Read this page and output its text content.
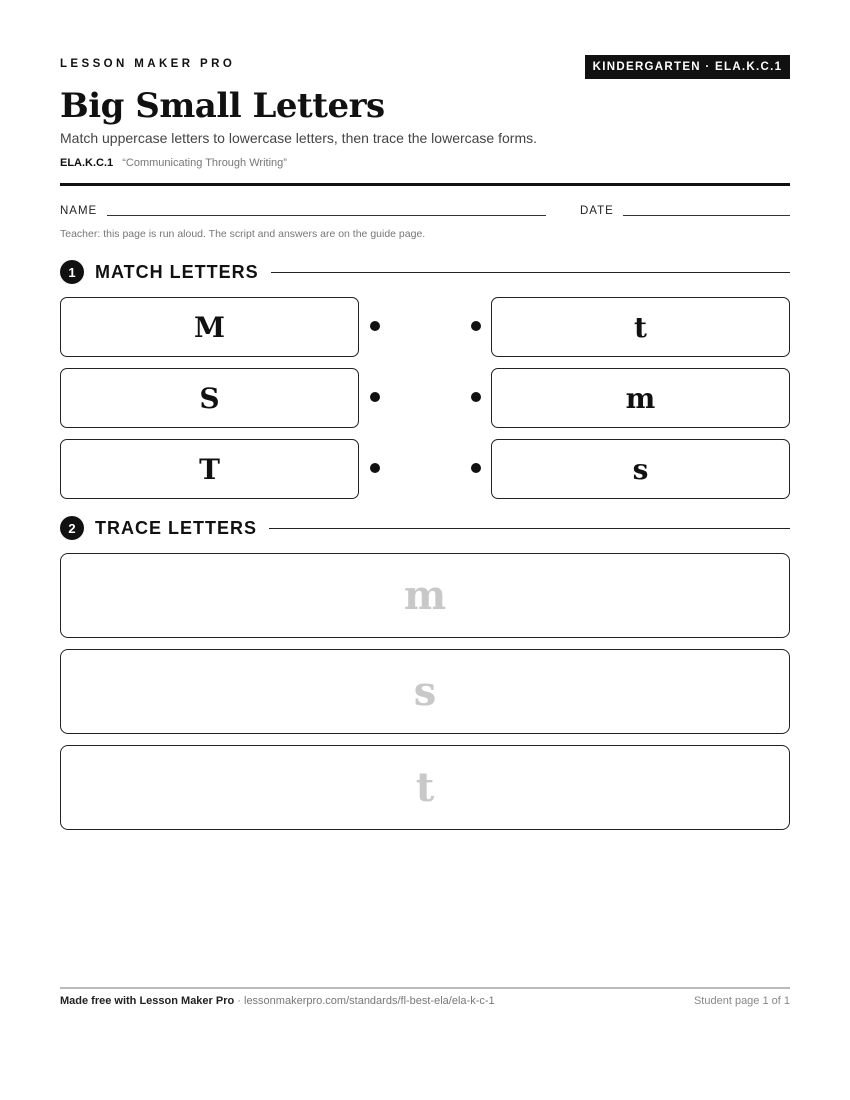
LESSON MAKER PRO	KINDERGARTEN · ELA.K.C.1
Big Small Letters
Match uppercase letters to lowercase letters, then trace the lowercase forms.
ELA.K.C.1 “Communicating Through Writing”
NAME	DATE
Teacher: this page is run aloud. The script and answers are on the guide page.
1	MATCH LETTERS
M	t
S	m
T	s
2	TRACE LETTERS
m
s
t
Made free with Lesson Maker Pro · lessonmakerpro.com/standards/fl-best-ela/ela-k-c-1	Student page 1 of 1
